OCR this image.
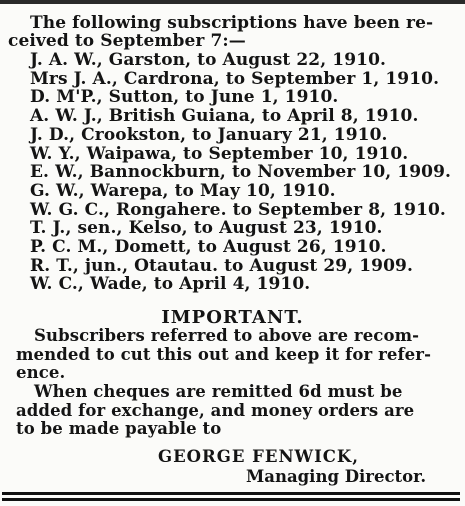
The following subscriptions have been re-
ceived to September 7:—
J. A. W., Garston, to August 22, 1910.
Mrs J. A., Cardrona, to September 1, 1910.
D. M'P., Sutton, to June 1, 1910.
A. W. J., British Guiana, to April 8, 1910.
J. D., Crookston, to January 21, 1910.
W. Y., Waipawa, to September 10, 1910.
E. W., Bannockburn, to November 10, 1909.
G. W., Warepa, to May 10, 1910.
W. G. C., Rongahere. to September 8, 1910.
T. J., sen., Kelso, to August 23, 1910.
P. C. M., Domett, to August 26, 1910.
R. T., jun., Otautau. to August 29, 1909.
W. C., Wade, to April 4, 1910.
IMPORTANT.
Subscribers referred to above are recom-
mended to cut this out and keep it for refer-
ence.
When cheques are remitted 6d must be
added for exchange, and money orders are
to be made payable to
GEORGE FENWICK,
Managing Director.
